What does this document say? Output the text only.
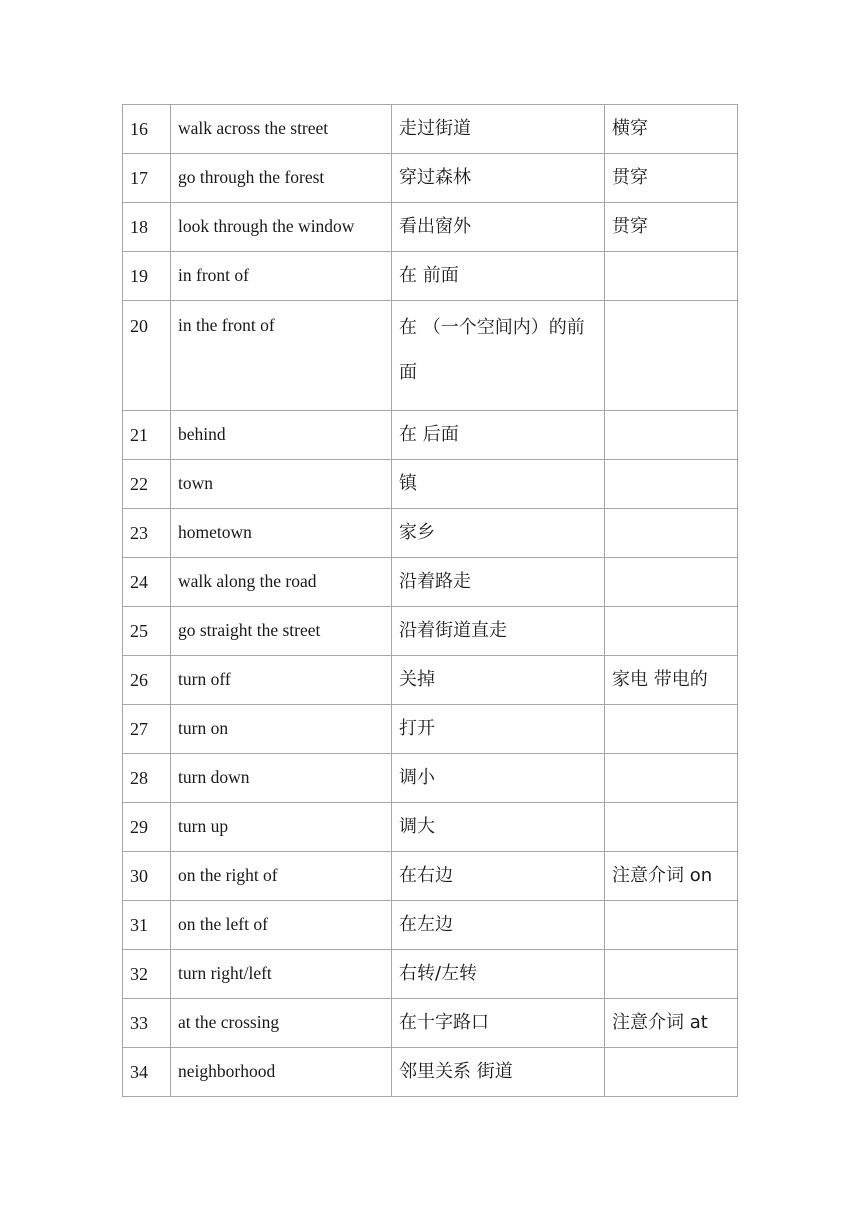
16	walk across the street	走过街道	横穿
17	go through the forest	穿过森林	贯穿
18	look through the window	看出窗外	贯穿
19	in front of	在 前面	
20	in the front of	在 （一个空间内）的前面	
21	behind	在 后面	
22	town	镇	
23	hometown	家乡	
24	walk along the road	沿着路走	
25	go straight the street	沿着街道直走	
26	turn off	关掉	家电 带电的
27	turn on	打开	
28	turn down	调小	
29	turn up	调大	
30	on the right of	在右边	注意介词 on
31	on the left of	在左边	
32	turn right/left	右转/左转	
33	at the crossing	在十字路口	注意介词 at
34	neighborhood	邻里关系 街道	
